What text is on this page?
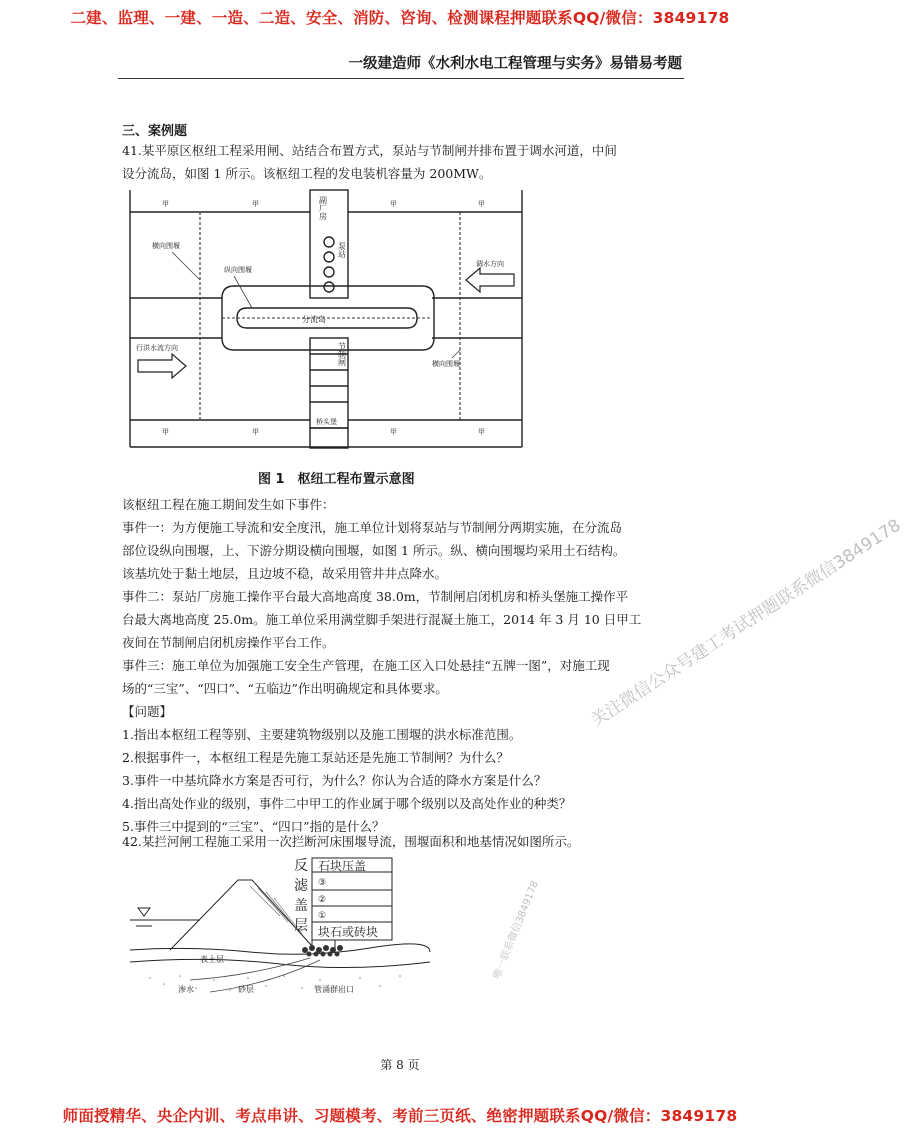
二建、监理、一建、一造、二造、安全、消防、咨询、检测课程押题联系QQ/微信：3849178
一级建造师《水利水电工程管理与实务》易错易考题
三、案例题

41.某平原区枢纽工程采用闸、站结合布置方式，泵站与节制闸并排布置于调水河道，中间

设分流岛，如图 1 所示。该枢纽工程的发电装机容量为 200MW。

甲	甲	甲	甲
甲	甲	甲	甲
横向围堰
纵向围堰
横向围堰
调水方向
行洪水流方向
桥头堡
分流岛
副厂房
泵站
节制闸
图 1　枢纽工程布置示意图

该枢纽工程在施工期间发生如下事件：

事件一：为方便施工导流和安全度汛，施工单位计划将泵站与节制闸分两期实施，在分流岛

部位设纵向围堰，上、下游分期设横向围堰，如图 1 所示。纵、横向围堰均采用土石结构。

该基坑处于黏土地层，且边坡不稳，故采用管井井点降水。

事件二：泵站厂房施工操作平台最大高地高度 38.0m，节制闸启闭机房和桥头堡施工操作平

台最大离地高度 25.0m。施工单位采用满堂脚手架进行混凝土施工，2014 年 3 月 10 日甲工

夜间在节制闸启闭机房操作平台工作。

事件三：施工单位为加强施工安全生产管理，在施工区入口处悬挂“五牌一图”，对施工现

场的“三宝”、“四口”、“五临边”作出明确规定和具体要求。

【问题】

1.指出本枢纽工程等别、主要建筑物级别以及施工围堰的洪水标准范围。

2.根据事件一，本枢纽工程是先施工泵站还是先施工节制闸？为什么？

3.事件一中基坑降水方案是否可行，为什么？你认为合适的降水方案是什么？

4.指出高处作业的级别，事件二中甲工的作业属于哪个级别以及高处作业的种类？

5.事件三中提到的“三宝”、“四口”指的是什么？

42.某拦河闸工程施工采用一次拦断河床围堰导流，围堰面积和地基情况如图所示。

反
滤
盖
层
石块压盖
③
②
①
块石或砖块
表土层
渗水	砂层	管涌群出口
关注微信公众号建工考试押题联系微信3849178
唯一联系微信3849178
第 8 页
师面授精华、央企内训、考点串讲、习题模考、考前三页纸、绝密押题联系QQ/微信：3849178
